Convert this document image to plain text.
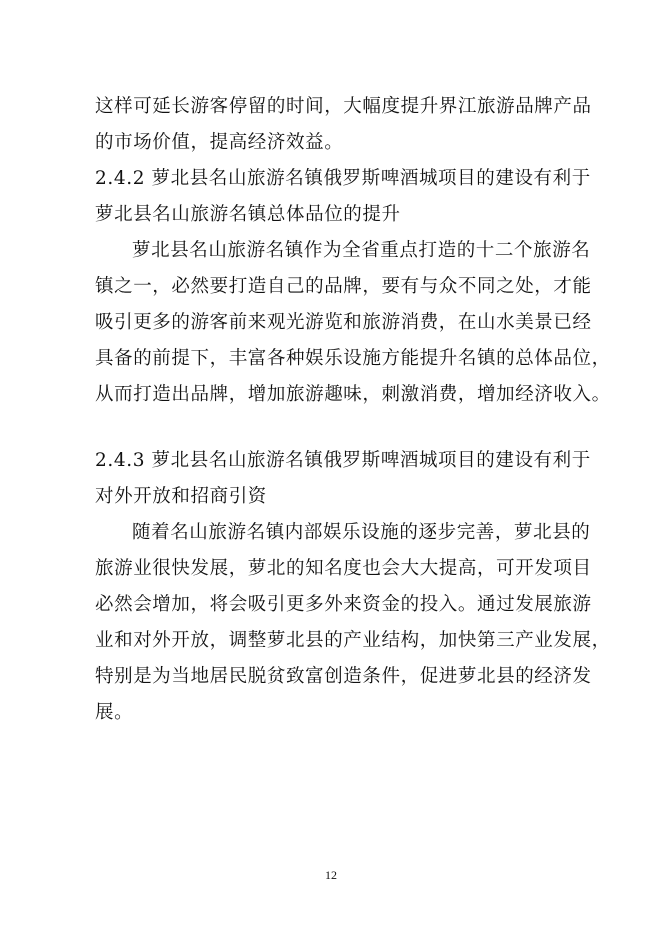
这样可延长游客停留的时间，大幅度提升界江旅游品牌产品
的市场价值，提高经济效益。
2.4.2 萝北县名山旅游名镇俄罗斯啤酒城项目的建设有利于
萝北县名山旅游名镇总体品位的提升
萝北县名山旅游名镇作为全省重点打造的十二个旅游名
镇之一，必然要打造自己的品牌，要有与众不同之处，才能
吸引更多的游客前来观光游览和旅游消费，在山水美景已经
具备的前提下，丰富各种娱乐设施方能提升名镇的总体品位，
从而打造出品牌，增加旅游趣味，刺激消费，增加经济收入。
2.4.3 萝北县名山旅游名镇俄罗斯啤酒城项目的建设有利于
对外开放和招商引资
随着名山旅游名镇内部娱乐设施的逐步完善，萝北县的
旅游业很快发展，萝北的知名度也会大大提高，可开发项目
必然会增加，将会吸引更多外来资金的投入。通过发展旅游
业和对外开放，调整萝北县的产业结构，加快第三产业发展，
特别是为当地居民脱贫致富创造条件，促进萝北县的经济发
展。
12
